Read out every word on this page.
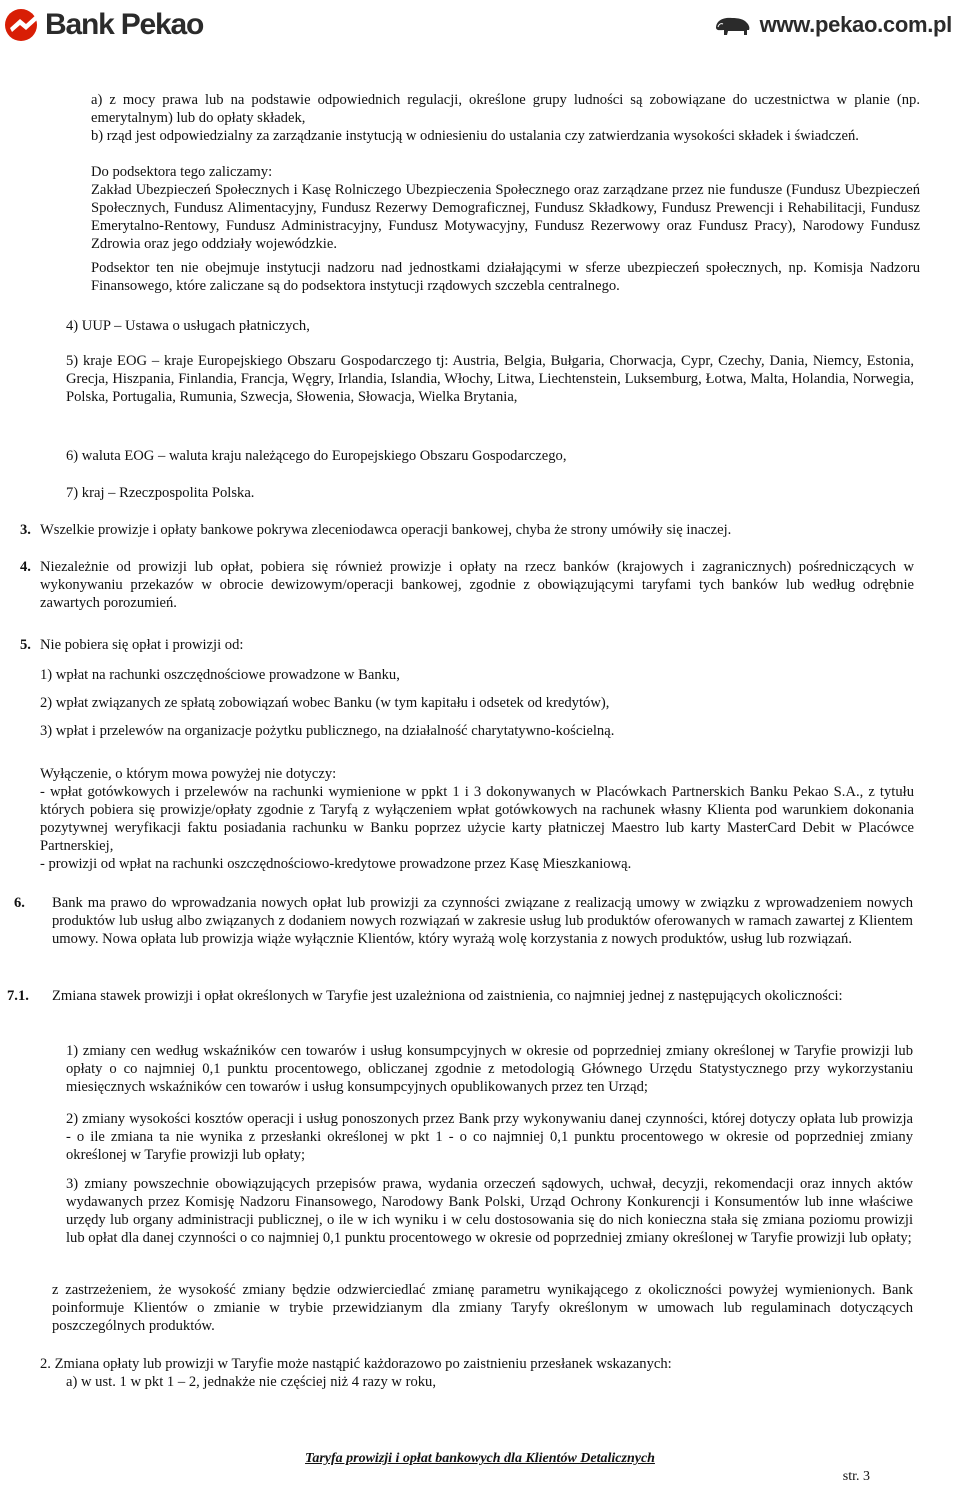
Bank Pekao	www.pekao.com.pl

a) z mocy prawa lub na podstawie odpowiednich regulacji, określone grupy ludności są zobowiązane do uczestnictwa w planie (np. emerytalnym) lub do opłaty składek,

b) rząd jest odpowiedzialny za zarządzanie instytucją w odniesieniu do ustalania czy zatwierdzania wysokości składek i świadczeń.

Do podsektora tego zaliczamy:

Zakład Ubezpieczeń Społecznych i Kasę Rolniczego Ubezpieczenia Społecznego oraz zarządzane przez nie fundusze (Fundusz Ubezpieczeń Społecznych, Fundusz Alimentacyjny, Fundusz Rezerwy Demograficznej, Fundusz Składkowy, Fundusz Prewencji i Rehabilitacji, Fundusz Emerytalno-Rentowy, Fundusz Administracyjny, Fundusz Motywacyjny, Fundusz Rezerwowy oraz Fundusz Pracy), Narodowy Fundusz Zdrowia oraz jego oddziały wojewódzkie.

Podsektor ten nie obejmuje instytucji nadzoru nad jednostkami działającymi w sferze ubezpieczeń społecznych, np. Komisja Nadzoru Finansowego, które zaliczane są do podsektora instytucji rządowych szczebla centralnego.

4) UUP – Ustawa o usługach płatniczych,

5) kraje EOG – kraje Europejskiego Obszaru Gospodarczego tj: Austria, Belgia, Bułgaria, Chorwacja, Cypr, Czechy, Dania, Niemcy, Estonia, Grecja, Hiszpania, Finlandia, Francja, Węgry, Irlandia, Islandia, Włochy, Litwa, Liechtenstein, Luksemburg, Łotwa, Malta, Holandia, Norwegia, Polska, Portugalia, Rumunia, Szwecja, Słowenia, Słowacja, Wielka Brytania,

6) waluta EOG – waluta kraju należącego do Europejskiego Obszaru Gospodarczego,

7) kraj – Rzeczpospolita Polska.

3. Wszelkie prowizje i opłaty bankowe pokrywa zleceniodawca operacji bankowej, chyba że strony umówiły się inaczej.

4. Niezależnie od prowizji lub opłat, pobiera się również prowizje i opłaty na rzecz banków (krajowych i zagranicznych) pośredniczących w wykonywaniu przekazów w obrocie dewizowym/operacji bankowej, zgodnie z obowiązującymi taryfami tych banków lub według odrębnie zawartych porozumień.

5. Nie pobiera się opłat i prowizji od:

1) wpłat na rachunki oszczędnościowe prowadzone w Banku,

2) wpłat związanych ze spłatą zobowiązań wobec Banku (w tym kapitału i odsetek od kredytów),

3) wpłat i przelewów na organizacje pożytku publicznego, na działalność charytatywno-kościelną.

Wyłączenie, o którym mowa powyżej nie dotyczy:

- wpłat gotówkowych i przelewów na rachunki wymienione w ppkt 1 i 3 dokonywanych w Placówkach Partnerskich Banku Pekao S.A., z tytułu których pobiera się prowizje/opłaty zgodnie z Taryfą z wyłączeniem wpłat gotówkowych na rachunek własny Klienta pod warunkiem dokonania pozytywnej weryfikacji faktu posiadania rachunku w Banku poprzez użycie karty płatniczej Maestro lub karty MasterCard Debit w Placówce Partnerskiej,

- prowizji od wpłat na rachunki oszczędnościowo-kredytowe prowadzone przez Kasę Mieszkaniową.

6. Bank ma prawo do wprowadzania nowych opłat lub prowizji za czynności związane z realizacją umowy w związku z wprowadzeniem nowych produktów lub usług albo związanych z dodaniem nowych rozwiązań w zakresie usług lub produktów oferowanych w ramach zawartej z Klientem umowy. Nowa opłata lub prowizja wiąże wyłącznie Klientów, który wyrażą wolę korzystania z nowych produktów, usług lub rozwiązań.

7.1. Zmiana stawek prowizji i opłat określonych w Taryfie jest uzależniona od zaistnienia, co najmniej jednej z następujących okoliczności:

1) zmiany cen według wskaźników cen towarów i usług konsumpcyjnych w okresie od poprzedniej zmiany określonej w Taryfie prowizji lub opłaty o co najmniej 0,1 punktu procentowego, obliczanej zgodnie z metodologią Głównego Urzędu Statystycznego przy wykorzystaniu miesięcznych wskaźników cen towarów i usług konsumpcyjnych opublikowanych przez ten Urząd;

2) zmiany wysokości kosztów operacji i usług ponoszonych przez Bank przy wykonywaniu danej czynności, której dotyczy opłata lub prowizja - o ile zmiana ta nie wynika z przesłanki określonej w pkt 1 - o co najmniej 0,1 punktu procentowego w okresie od poprzedniej zmiany określonej w Taryfie prowizji lub opłaty;

3) zmiany powszechnie obowiązujących przepisów prawa, wydania orzeczeń sądowych, uchwał, decyzji, rekomendacji oraz innych aktów wydawanych przez Komisję Nadzoru Finansowego, Narodowy Bank Polski, Urząd Ochrony Konkurencji i Konsumentów lub inne właściwe urzędy lub organy administracji publicznej, o ile w ich wyniku i w celu dostosowania się do nich konieczna stała się zmiana poziomu prowizji lub opłat dla danej czynności o co najmniej 0,1 punktu procentowego w okresie od poprzedniej zmiany określonej w Taryfie prowizji lub opłaty;

z zastrzeżeniem, że wysokość zmiany będzie odzwierciedlać zmianę parametru wynikającego z okoliczności powyżej wymienionych. Bank poinformuje Klientów o zmianie w trybie przewidzianym dla zmiany Taryfy określonym w umowach lub regulaminach dotyczących poszczególnych produktów.

2. Zmiana opłaty lub prowizji w Taryfie może nastąpić każdorazowo po zaistnieniu przesłanek wskazanych:

a) w ust. 1 w pkt 1 – 2, jednakże nie częściej niż 4 razy w roku,

Taryfa prowizji i opłat bankowych dla Klientów Detalicznych
str. 3
